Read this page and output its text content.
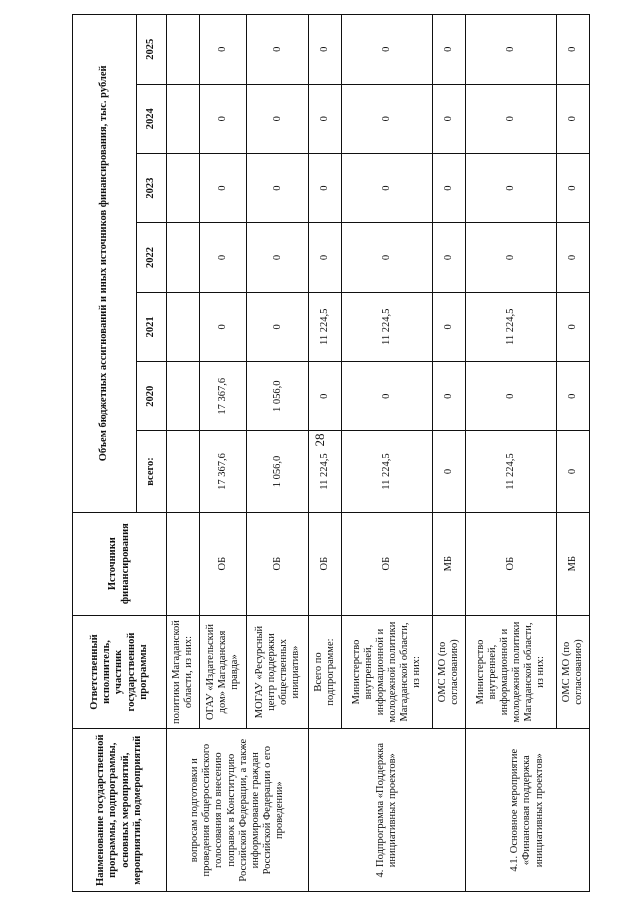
28
Наименование государственной программы, подпрограммы, основных мероприятий, мероприятий, подмероприятий	Ответственный исполнитель, участник государственной программы	Источники финансирования	Объем бюджетных ассигнований и иных источников финансирования, тыс. рублей						
			всего:	2020	2021	2022	2023	2024	2025
вопросам подготовки и проведения общероссийского голосования по внесению поправок в Конституцию Российской Федерации, а также информирование граждан Российской Федерации о его проведении»	политики Магаданской области, из них:								
	ОГАУ «Издательский дом» Магаданская правда»	ОБ	17 367,6	17 367,6	0	0	0	0	0
	МОГАУ «Ресурсный центр поддержки общественных инициатив»	ОБ	1 056,0	1 056,0	0	0	0	0	0
4. Подпрограмма «Поддержка инициативных проектов»	Всего по подпрограмме:	ОБ	11 224,5	0	11 224,5	0	0	0	0
	Министерство внутренней, информационной и молодежной политики Магаданской области, из них:	ОБ	11 224,5	0	11 224,5	0	0	0	0
	ОМС МО (по согласованию)	МБ	0	0	0	0	0	0	0
4.1. Основное мероприятие «Финансовая поддержка инициативных проектов»	Министерство внутренней, информационной и молодежной политики Магаданской области, из них:	ОБ	11 224,5	0	11 224,5	0	0	0	0
	ОМС МО (по согласованию)	МБ	0	0	0	0	0	0	0
